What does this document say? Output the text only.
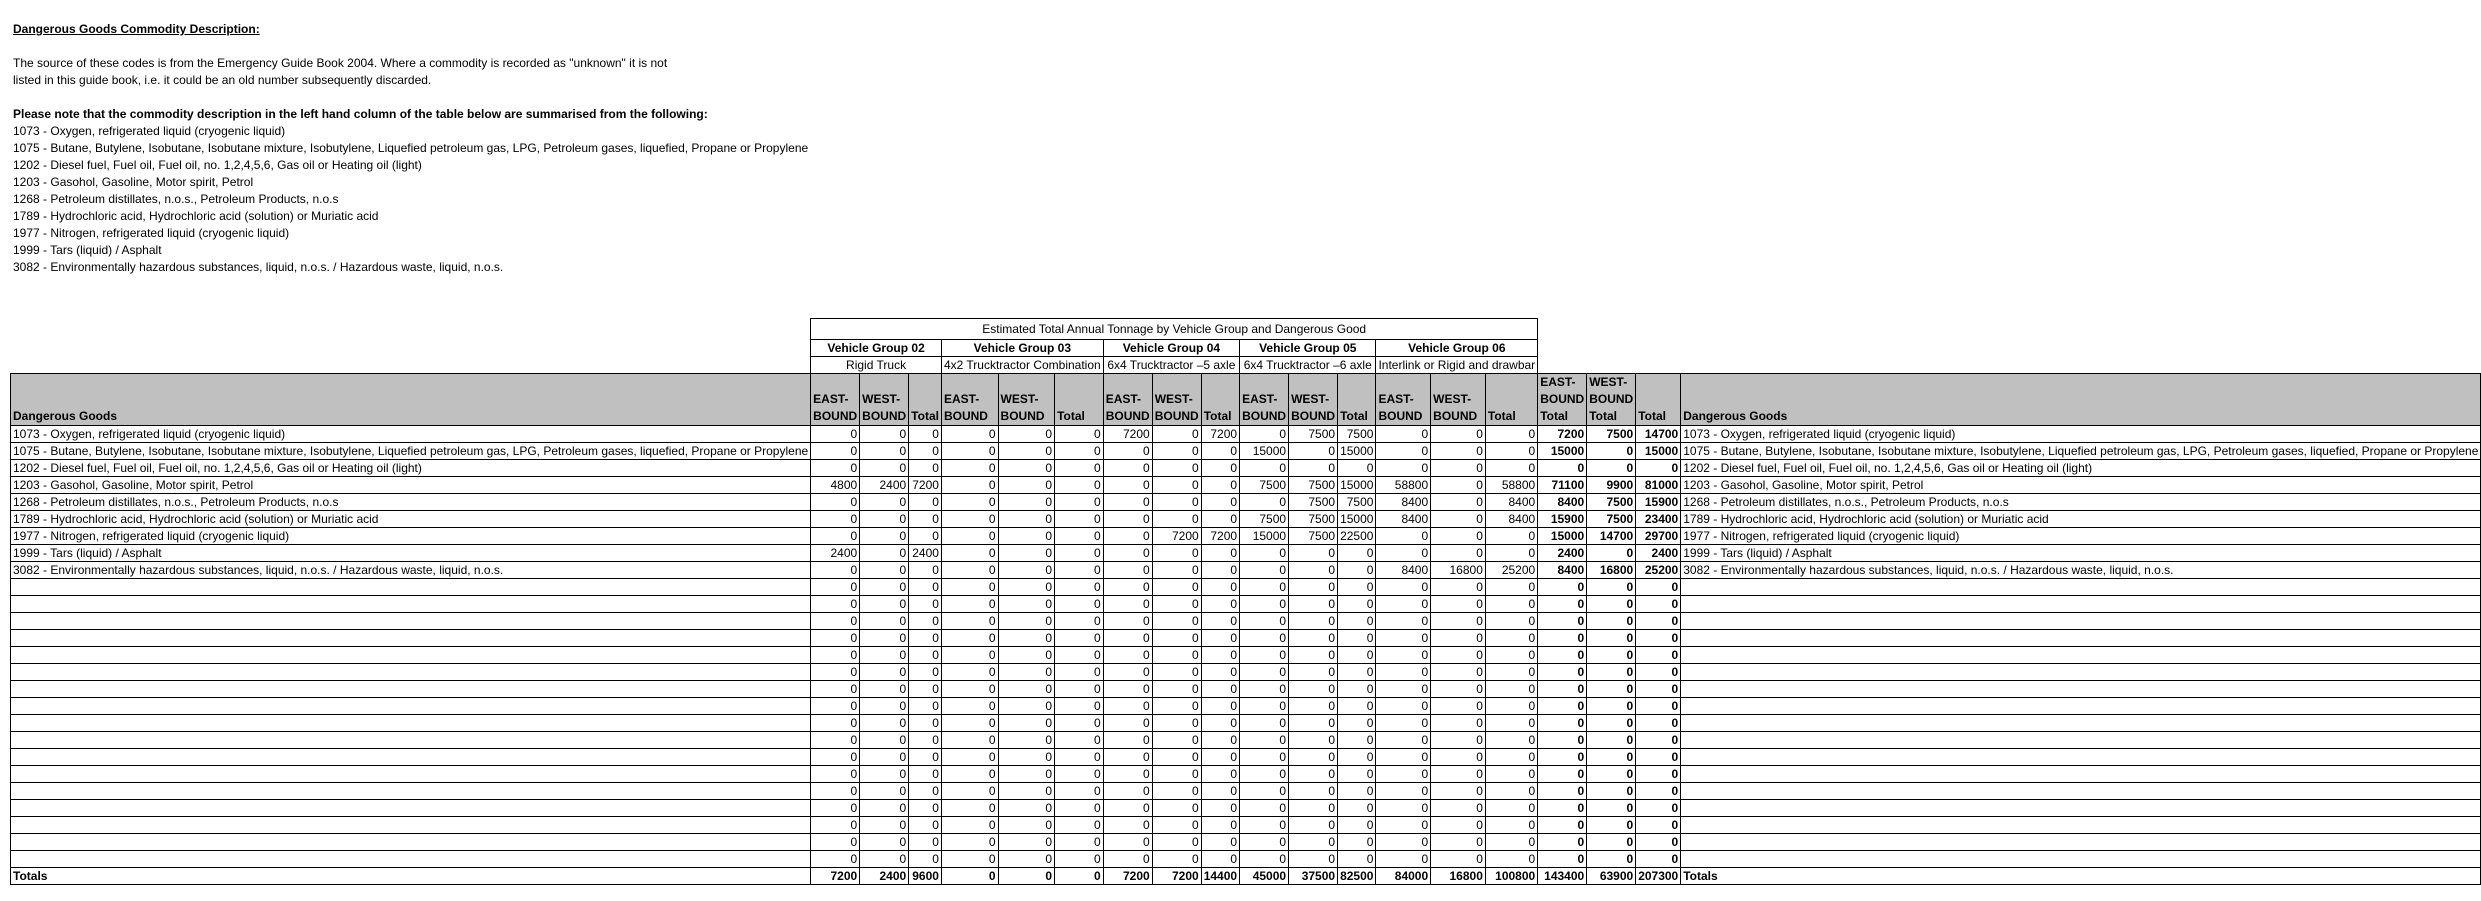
Dangerous Goods Commodity Description:

The source of these codes is from the Emergency Guide Book 2004. Where a commodity is recorded as "unknown" it is not

listed in this guide book, i.e. it could be an old number subsequently discarded.

Please note that the commodity description in the left hand column of the table below are summarised from the following:

1073 - Oxygen, refrigerated liquid (cryogenic liquid)

1075 - Butane, Butylene, Isobutane, Isobutane mixture, Isobutylene, Liquefied petroleum gas, LPG, Petroleum gases, liquefied, Propane or Propylene

1202 - Diesel fuel, Fuel oil, Fuel oil, no. 1,2,4,5,6, Gas oil or Heating oil (light)

1203 - Gasohol, Gasoline, Motor spirit, Petrol

1268 - Petroleum distillates, n.o.s., Petroleum Products, n.o.s

1789 - Hydrochloric acid, Hydrochloric acid (solution) or Muriatic acid

1977 - Nitrogen, refrigerated liquid (cryogenic liquid)

1999 - Tars (liquid) / Asphalt

3082 - Environmentally hazardous substances, liquid, n.o.s. / Hazardous waste, liquid, n.o.s.

	Estimated Total Annual Tonnage by Vehicle Group and Dangerous Good																		
	Vehicle Group 02			Vehicle Group 03			Vehicle Group 04			Vehicle Group 05			Vehicle Group 06						
	Rigid Truck			4x2 Trucktractor Combination			6x4 Trucktractor –5 axle			6x4 Trucktractor –6 axle			Interlink or Rigid and drawbar						
Dangerous Goods	EAST-BOUND	WEST-BOUND	Total	EAST-BOUND	WEST-BOUND	Total	EAST-BOUND	WEST-BOUND	Total	EAST-BOUND	WEST-BOUND	Total	EAST-BOUND	WEST-BOUND	Total	EAST-BOUND Total	WEST-BOUND Total	Total	Dangerous Goods
1073 - Oxygen, refrigerated liquid (cryogenic liquid)	0	0	0	0	0	0	7200	0	7200	0	7500	7500	0	0	0	7200	7500	14700	1073 - Oxygen, refrigerated liquid (cryogenic liquid)
1075 - Butane, Butylene, Isobutane, Isobutane mixture, Isobutylene, Liquefied petroleum gas, LPG, Petroleum gases, liquefied, Propane or Propylene	0	0	0	0	0	0	0	0	0	15000	0	15000	0	0	0	15000	0	15000	1075 - Butane, Butylene, Isobutane, Isobutane mixture, Isobutylene, Liquefied petroleum gas, LPG, Petroleum gases, liquefied, Propane or Propylene
1202 - Diesel fuel, Fuel oil, Fuel oil, no. 1,2,4,5,6, Gas oil or Heating oil (light)	0	0	0	0	0	0	0	0	0	0	0	0	0	0	0	0	0	0	1202 - Diesel fuel, Fuel oil, Fuel oil, no. 1,2,4,5,6, Gas oil or Heating oil (light)
1203 - Gasohol, Gasoline, Motor spirit, Petrol	4800	2400	7200	0	0	0	0	0	0	7500	7500	15000	58800	0	58800	71100	9900	81000	1203 - Gasohol, Gasoline, Motor spirit, Petrol
1268 - Petroleum distillates, n.o.s., Petroleum Products, n.o.s	0	0	0	0	0	0	0	0	0	0	7500	7500	8400	0	8400	8400	7500	15900	1268 - Petroleum distillates, n.o.s., Petroleum Products, n.o.s
1789 - Hydrochloric acid, Hydrochloric acid (solution) or Muriatic acid	0	0	0	0	0	0	0	0	0	7500	7500	15000	8400	0	8400	15900	7500	23400	1789 - Hydrochloric acid, Hydrochloric acid (solution) or Muriatic acid
1977 - Nitrogen, refrigerated liquid (cryogenic liquid)	0	0	0	0	0	0	0	7200	7200	15000	7500	22500	0	0	0	15000	14700	29700	1977 - Nitrogen, refrigerated liquid (cryogenic liquid)
1999 - Tars (liquid) / Asphalt	2400	0	2400	0	0	0	0	0	0	0	0	0	0	0	0	2400	0	2400	1999 - Tars (liquid) / Asphalt
3082 - Environmentally hazardous substances, liquid, n.o.s. / Hazardous waste, liquid, n.o.s.	0	0	0	0	0	0	0	0	0	0	0	0	8400	16800	25200	8400	16800	25200	3082 - Environmentally hazardous substances, liquid, n.o.s. / Hazardous waste, liquid, n.o.s.
	0	0	0	0	0	0	0	0	0	0	0	0	0	0	0	0	0	0	
	0	0	0	0	0	0	0	0	0	0	0	0	0	0	0	0	0	0	
	0	0	0	0	0	0	0	0	0	0	0	0	0	0	0	0	0	0	
	0	0	0	0	0	0	0	0	0	0	0	0	0	0	0	0	0	0	
	0	0	0	0	0	0	0	0	0	0	0	0	0	0	0	0	0	0	
	0	0	0	0	0	0	0	0	0	0	0	0	0	0	0	0	0	0	
	0	0	0	0	0	0	0	0	0	0	0	0	0	0	0	0	0	0	
	0	0	0	0	0	0	0	0	0	0	0	0	0	0	0	0	0	0	
	0	0	0	0	0	0	0	0	0	0	0	0	0	0	0	0	0	0	
	0	0	0	0	0	0	0	0	0	0	0	0	0	0	0	0	0	0	
	0	0	0	0	0	0	0	0	0	0	0	0	0	0	0	0	0	0	
	0	0	0	0	0	0	0	0	0	0	0	0	0	0	0	0	0	0	
	0	0	0	0	0	0	0	0	0	0	0	0	0	0	0	0	0	0	
	0	0	0	0	0	0	0	0	0	0	0	0	0	0	0	0	0	0	
	0	0	0	0	0	0	0	0	0	0	0	0	0	0	0	0	0	0	
	0	0	0	0	0	0	0	0	0	0	0	0	0	0	0	0	0	0	
	0	0	0	0	0	0	0	0	0	0	0	0	0	0	0	0	0	0	
Totals	7200	2400	9600	0	0	0	7200	7200	14400	45000	37500	82500	84000	16800	100800	143400	63900	207300	Totals
